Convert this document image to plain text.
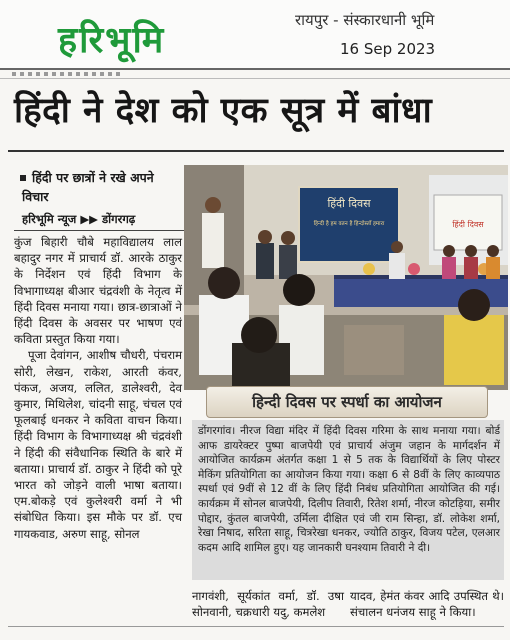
हरिभूमि	रायपुर - संस्कारधानी भूमि
16 Sep 2023
हिंदी ने देश को एक सूत्र में बांधा
हिंदी पर छात्रों ने रखे अपने विचार
हरिभूमि न्यूज ▶▶ डोंगरगढ़

कुंज बिहारी चौबे महाविद्यालय लाल बहादुर नगर में प्राचार्य डॉ. आरके ठाकुर के निर्देशन एवं हिंदी विभाग के विभागाध्यक्ष बीआर चंद्रवंशी के नेतृत्व में हिंदी दिवस मनाया गया। छात्र-छात्राओं ने हिंदी दिवस के अवसर पर भाषण एवं कविता प्रस्तुत किया गया।

पूजा देवांगन, आशीष चौधरी, पंचराम सोरी, लेखन, राकेश, आरती कंवर, पंकज, अजय, ललित, डालेश्वरी, देव कुमार, मिथिलेश, चांदनी साहू, चंचल एवं फूलबाई धनकर ने कविता वाचन किया। हिंदी विभाग के विभागाध्यक्ष श्री चंद्रवंशी ने हिंदी की संवैधानिक स्थिति के बारे में बताया। प्राचार्य डॉ. ठाकुर ने हिंदी को पूरे भारत को जोड़ने वाली भाषा बताया। एम.बोकड़े एवं कुलेश्वरी वर्मा ने भी संबोधित किया। इस मौके पर डॉ. एच गायकवाड, अरुण साहू, सोनल

हिंदी दिवस
हिन्दी है हम वतन है हिन्दोस्ताँ हमारा	हिंदी दिवस
हिन्दी दिवस पर स्पर्धा का आयोजन
डोंगरगांव। नीरज विद्या मंदिर में हिंदी दिवस गरिमा के साथ मनाया गया। बोर्ड आफ डायरेक्टर पुष्पा बाजपेयी एवं प्राचार्य अंजुम जहान के मार्गदर्शन में आयोजित कार्यक्रम अंतर्गत कक्षा 1 से 5 तक के विद्यार्थियों के लिए पोस्टर मेकिंग प्रतियोगिता का आयोजन किया गया। कक्षा 6 से 8वीं के लिए काव्यपाठ स्पर्धा एवं 9वीं से 12 वीं के लिए हिंदी निबंध प्रतियोगिता आयोजित की गई। कार्यक्रम में सोनल बाजपेयी, दिलीप तिवारी, रितेश शर्मा, नीरज कोटड़िया, समीर पोद्दार, कुंतल बाजपेयी, उर्मिला दीक्षित एवं जी राम सिन्हा, डॉ. लोकेश शर्मा, रेखा निषाद, सरिता साहू, चित्ररेखा धनकर, ज्योति ठाकुर, विजय पटेल, एलआर कदम आदि शामिल हुए। यह जानकारी घनश्याम तिवारी ने दी।
नागवंशी, सूर्यकांत वर्मा, डॉ. उषा सोनवानी, चक्रधारी यदु, कमलेश
यादव, हेमंत कंवर आदि उपस्थित थे। संचालन धनंजय साहू ने किया।
